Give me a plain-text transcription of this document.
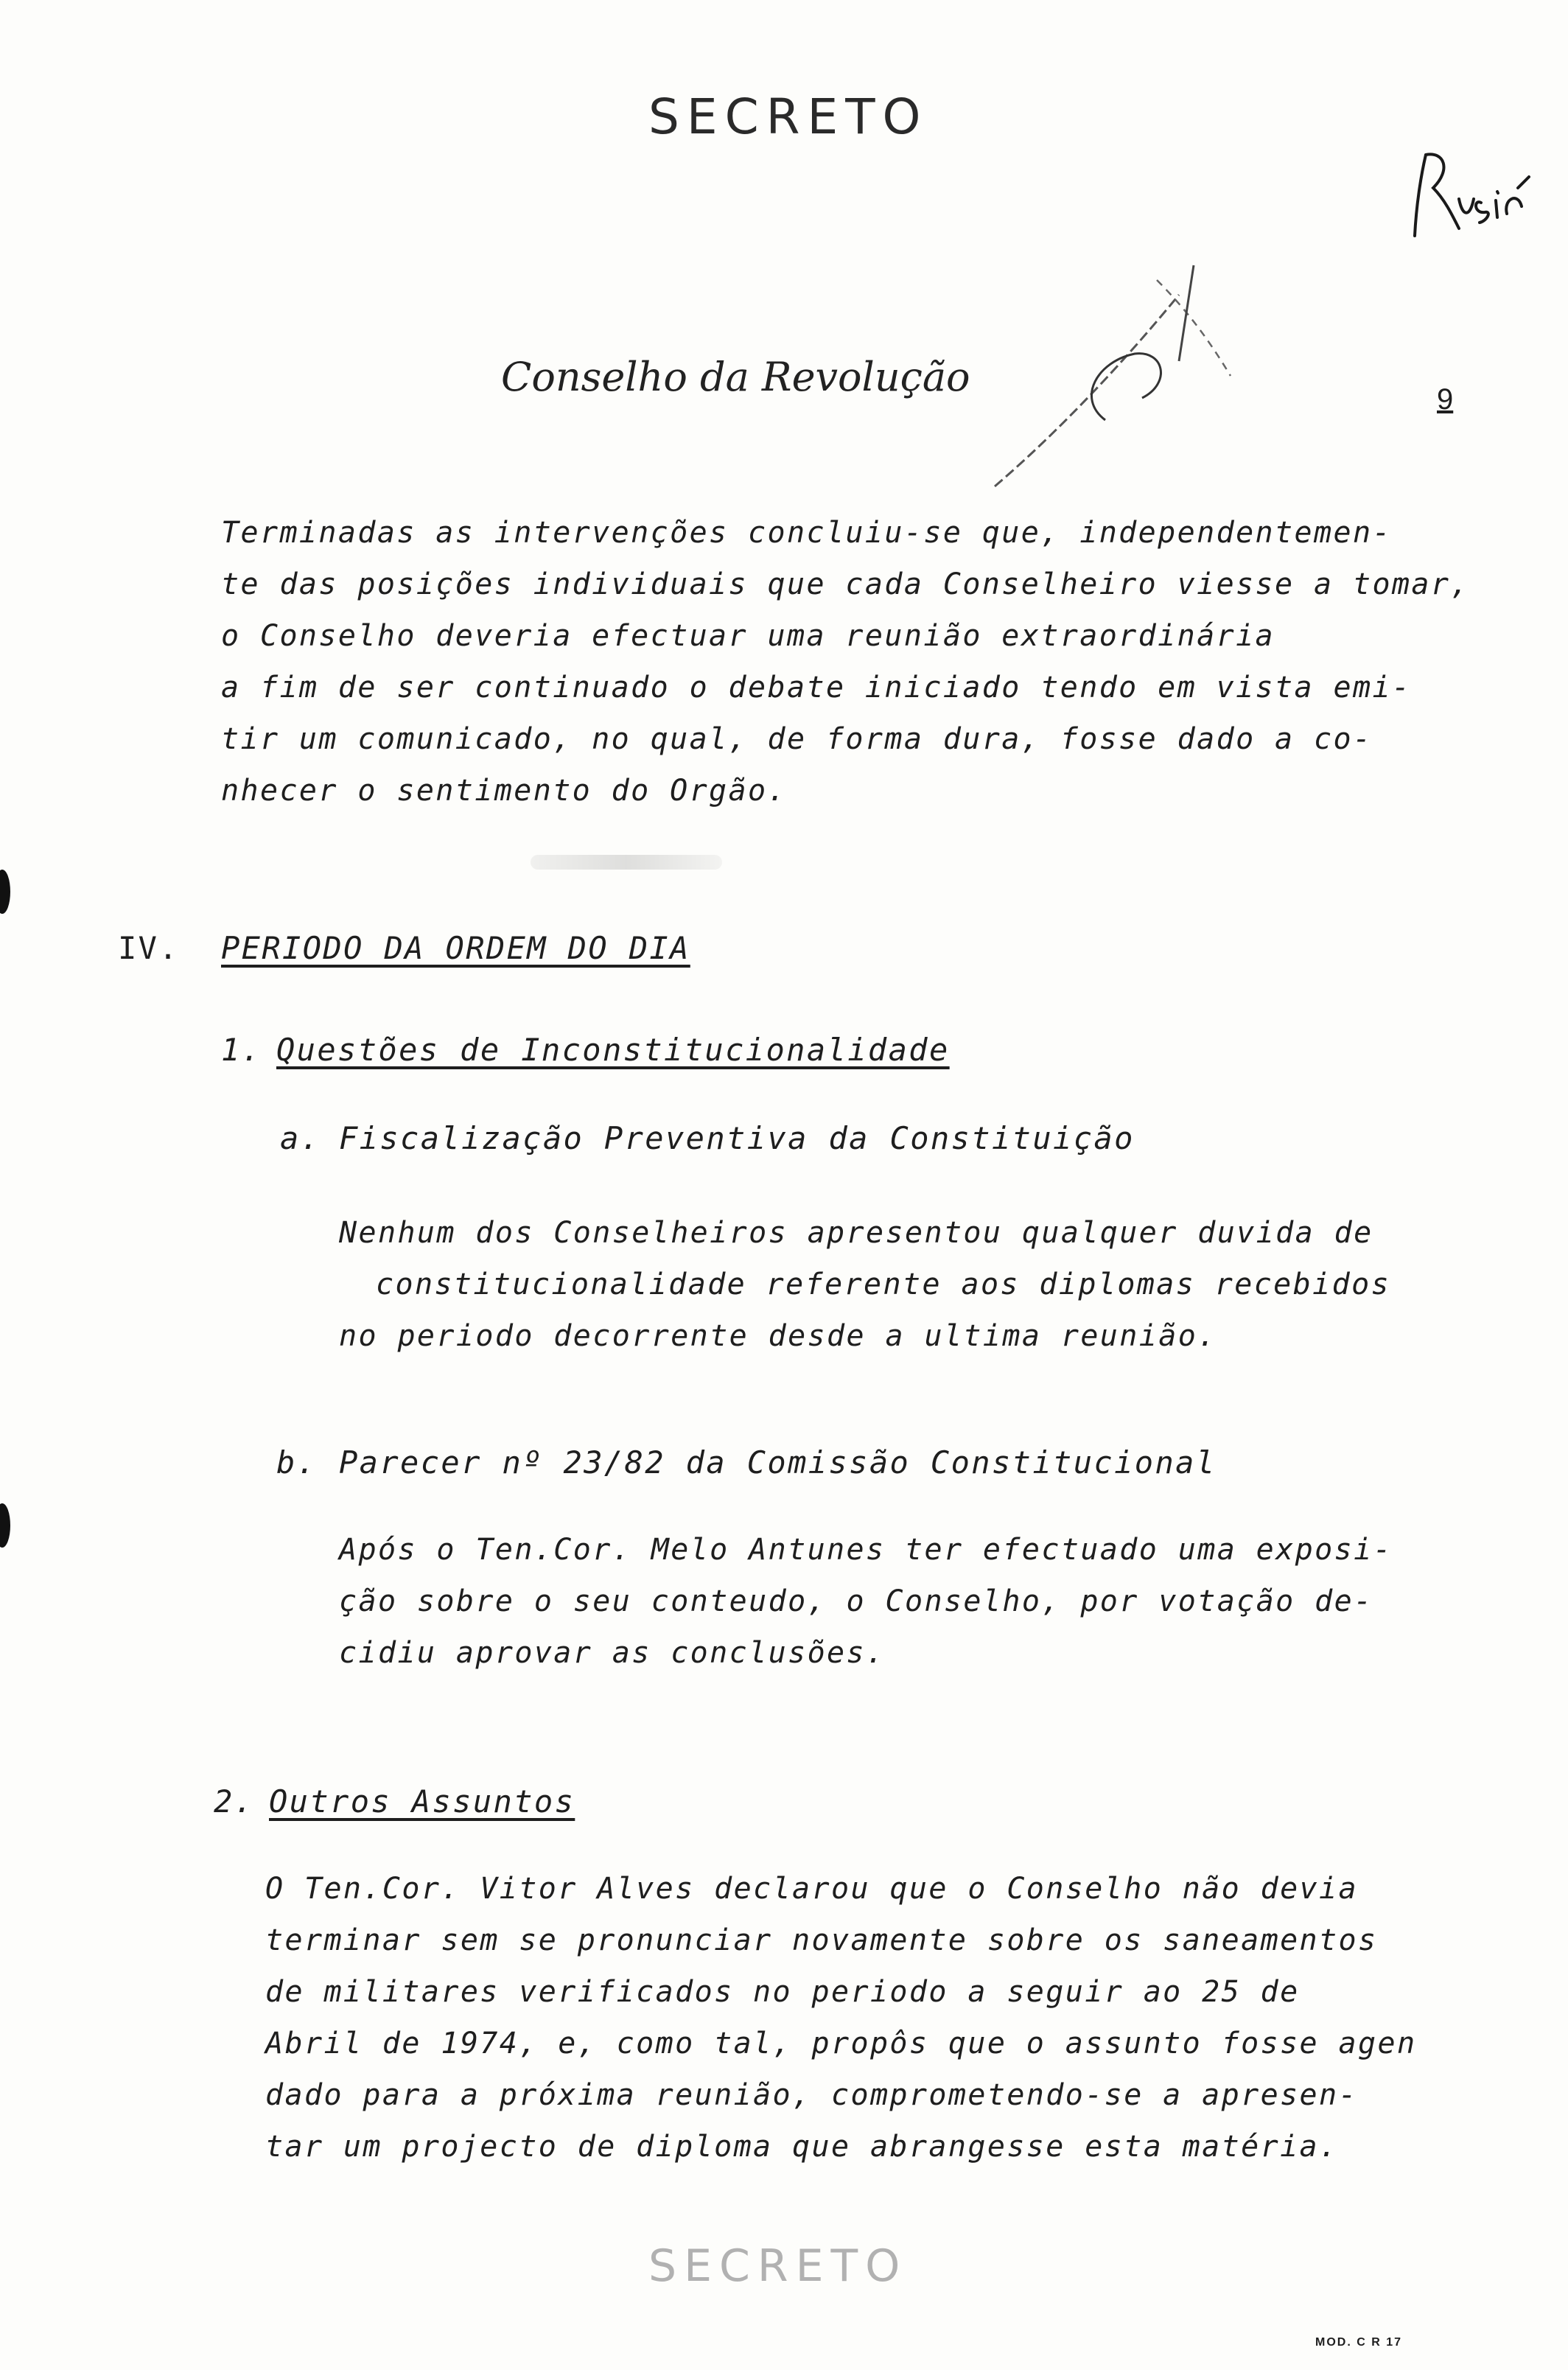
SECRETO
Conselho da Revolução	9
Terminadas as intervenções concluiu-se que, independentemen-
te das posições individuais que cada Conselheiro viesse a tomar,
o Conselho deveria efectuar uma reunião extraordinária
a fim de ser continuado o debate iniciado tendo em vista emi-
tir um comunicado, no qual, de forma dura, fosse dado a co-
nhecer o sentimento do Orgão.
IV. PERIODO DA ORDEM DO DIA
1. Questões de Inconstitucionalidade
a. Fiscalização Preventiva da Constituição
Nenhum dos Conselheiros apresentou qualquer duvida de
constitucionalidade referente aos diplomas recebidos
no periodo decorrente desde a ultima reunião.
b. Parecer nº 23/82 da Comissão Constitucional
Após o Ten.Cor. Melo Antunes ter efectuado uma exposi-
ção sobre o seu conteudo, o Conselho, por votação de-
cidiu aprovar as conclusões.
2. Outros Assuntos
O Ten.Cor. Vitor Alves declarou que o Conselho não devia
terminar sem se pronunciar novamente sobre os saneamentos
de militares verificados no periodo a seguir ao 25 de
Abril de 1974, e, como tal, propôs que o assunto fosse agen
dado para a próxima reunião, comprometendo-se a apresen-
tar um projecto de diploma que abrangesse esta matéria.
SECRETO
MOD. C R 17
